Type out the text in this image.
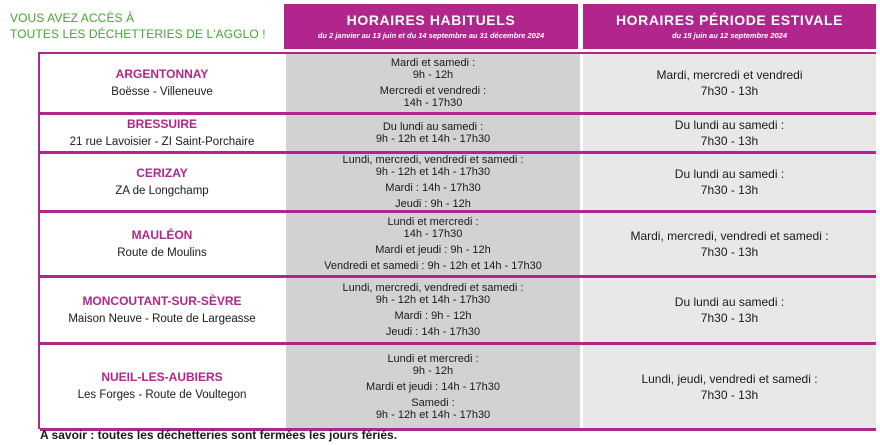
VOUS AVEZ ACCÈS À
TOUTES LES DÉCHETTERIES DE L'AGGLO !
HORAIRES HABITUELS
du 2 janvier au 13 juin et du 14 septembre au 31 décembre 2024
HORAIRES PÉRIODE ESTIVALE
du 15 juin au 12 septembre 2024
ARGENTONNAY
Boësse - Villeneuve
Mardi et samedi :
9h - 12h
Mercredi et vendredi :
14h - 17h30
Mardi, mercredi et vendredi
7h30 - 13h
BRESSUIRE
21 rue Lavoisier - ZI Saint-Porchaire
Du lundi au samedi :
9h - 12h et 14h - 17h30
Du lundi au samedi :
7h30 - 13h
CERIZAY
ZA de Longchamp
Lundi, mercredi, vendredi et samedi :
9h - 12h et 14h - 17h30
Mardi : 14h - 17h30
Jeudi : 9h - 12h
Du lundi au samedi :
7h30 - 13h
MAULÉON
Route de Moulins
Lundi et mercredi :
14h - 17h30
Mardi et jeudi : 9h - 12h
Vendredi et samedi : 9h - 12h et 14h - 17h30
Mardi, mercredi, vendredi et samedi :
7h30 - 13h
MONCOUTANT-SUR-SÈVRE
Maison Neuve - Route de Largeasse
Lundi, mercredi, vendredi et samedi :
9h - 12h et 14h - 17h30
Mardi : 9h - 12h
Jeudi : 14h - 17h30
Du lundi au samedi :
7h30 - 13h
NUEIL-LES-AUBIERS
Les Forges - Route de Voultegon
Lundi et mercredi :
9h - 12h
Mardi et jeudi : 14h - 17h30
Samedi :
9h - 12h et 14h - 17h30
Lundi, jeudi, vendredi et samedi :
7h30 - 13h
A savoir : toutes les déchetteries sont fermées les jours fériés.
